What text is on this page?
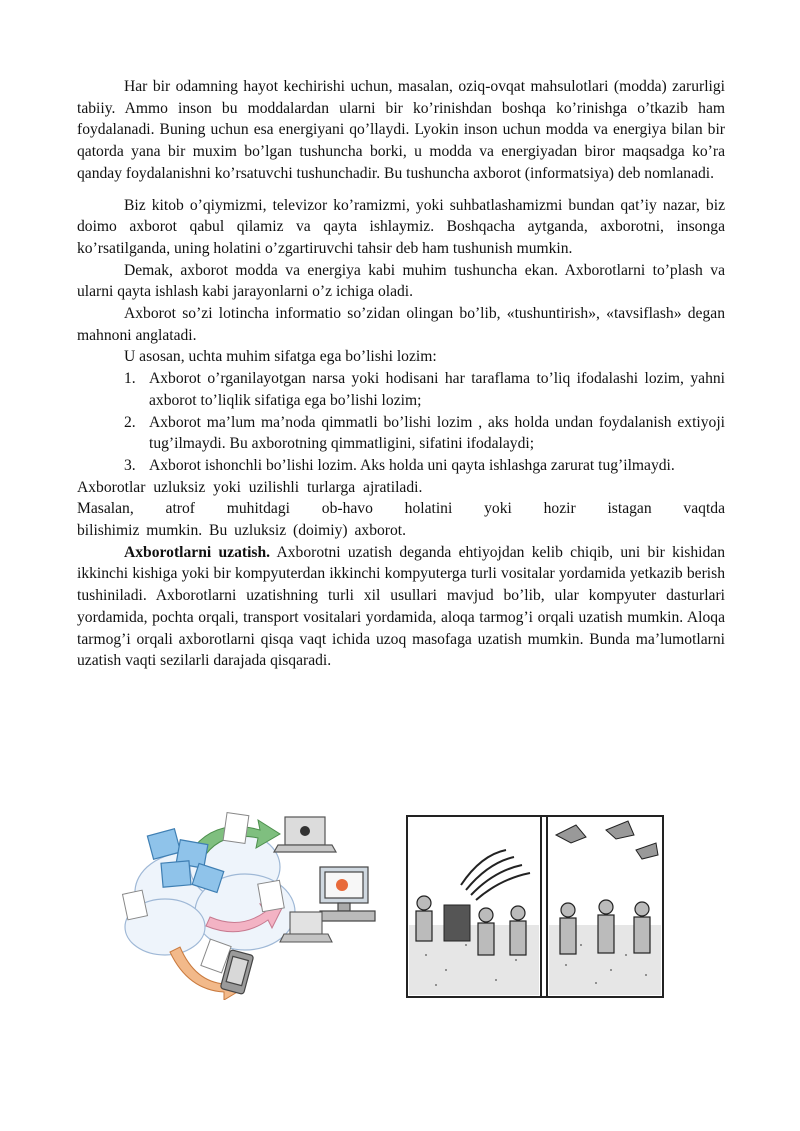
Har bir odamning hayot kechirishi uchun, masalan, oziq-ovqat mahsulotlari (modda) zarurligi tabiiy. Ammo inson bu moddalardan ularni bir ko’rinishdan boshqa ko’rinishga o’tkazib ham foydalanadi. Buning uchun esa energiyani qo’llaydi. Lyokin inson uchun modda va energiya bilan bir qatorda yana bir muxim bo’lgan tushuncha borki, u modda va energiyadan biror maqsadga ko’ra qanday foydalanishni ko’rsatuvchi tushunchadir. Bu tushuncha axborot (informatsiya) deb nomlanadi.

Biz kitob o’qiymizmi, televizor ko’ramizmi, yoki suhbatlashamizmi bundan qat’iy nazar, biz doimo axborot qabul qilamiz va qayta ishlaymiz. Boshqacha aytganda, axborotni, insonga ko’rsatilganda, uning holatini o’zgartiruvchi tahsir deb ham tushunish mumkin.

Demak, axborot modda va energiya kabi muhim tushuncha ekan. Axborotlarni to’plash va ularni qayta ishlash kabi jarayonlarni o’z ichiga oladi.

Axborot so’zi lotincha informatio so’zidan olingan bo’lib, «tushuntirish», «tavsiflash» degan mahnoni anglatadi.

U asosan, uchta muhim sifatga ega bo’lishi lozim:

1. Axborot o’rganilayotgan narsa yoki hodisani har taraflama to’liq ifodalashi lozim, yahni axborot to’liqlik sifatiga ega bo’lishi lozim;
2. Axborot ma’lum ma’noda qimmatli bo’lishi lozim , aks holda undan foydalanish extiyoji tug’ilmaydi. Bu axborotning qimmatligini, sifatini ifodalaydi;
3. Axborot ishonchli bo’lishi lozim. Aks holda uni qayta ishlashga zarurat tug’ilmaydi.

Axborotlar uzluksiz yoki uzilishli turlarga ajratiladi.

Masalan, atrof muhitdagi ob-havo holatini yoki hozir istagan vaqtda

bilishimiz mumkin. Bu uzluksiz (doimiy) axborot.

Axborotlarni uzatish. Axborotni uzatish deganda ehtiyojdan kelib chiqib, uni bir kishidan ikkinchi kishiga yoki bir kompyuterdan ikkinchi kompyuterga turli vositalar yordamida yetkazib berish tushiniladi. Axborotlarni uzatishning turli xil usullari mavjud bo’lib, ular kompyuter dasturlari yordamida, pochta orqali, transport vositalari yordamida, aloqa tarmog’i orqali uzatish mumkin. Aloqa tarmog’i orqali axborotlarni qisqa vaqt ichida uzoq masofaga uzatish mumkin. Bunda ma’lumotlarni uzatish vaqti sezilarli darajada qisqaradi.
